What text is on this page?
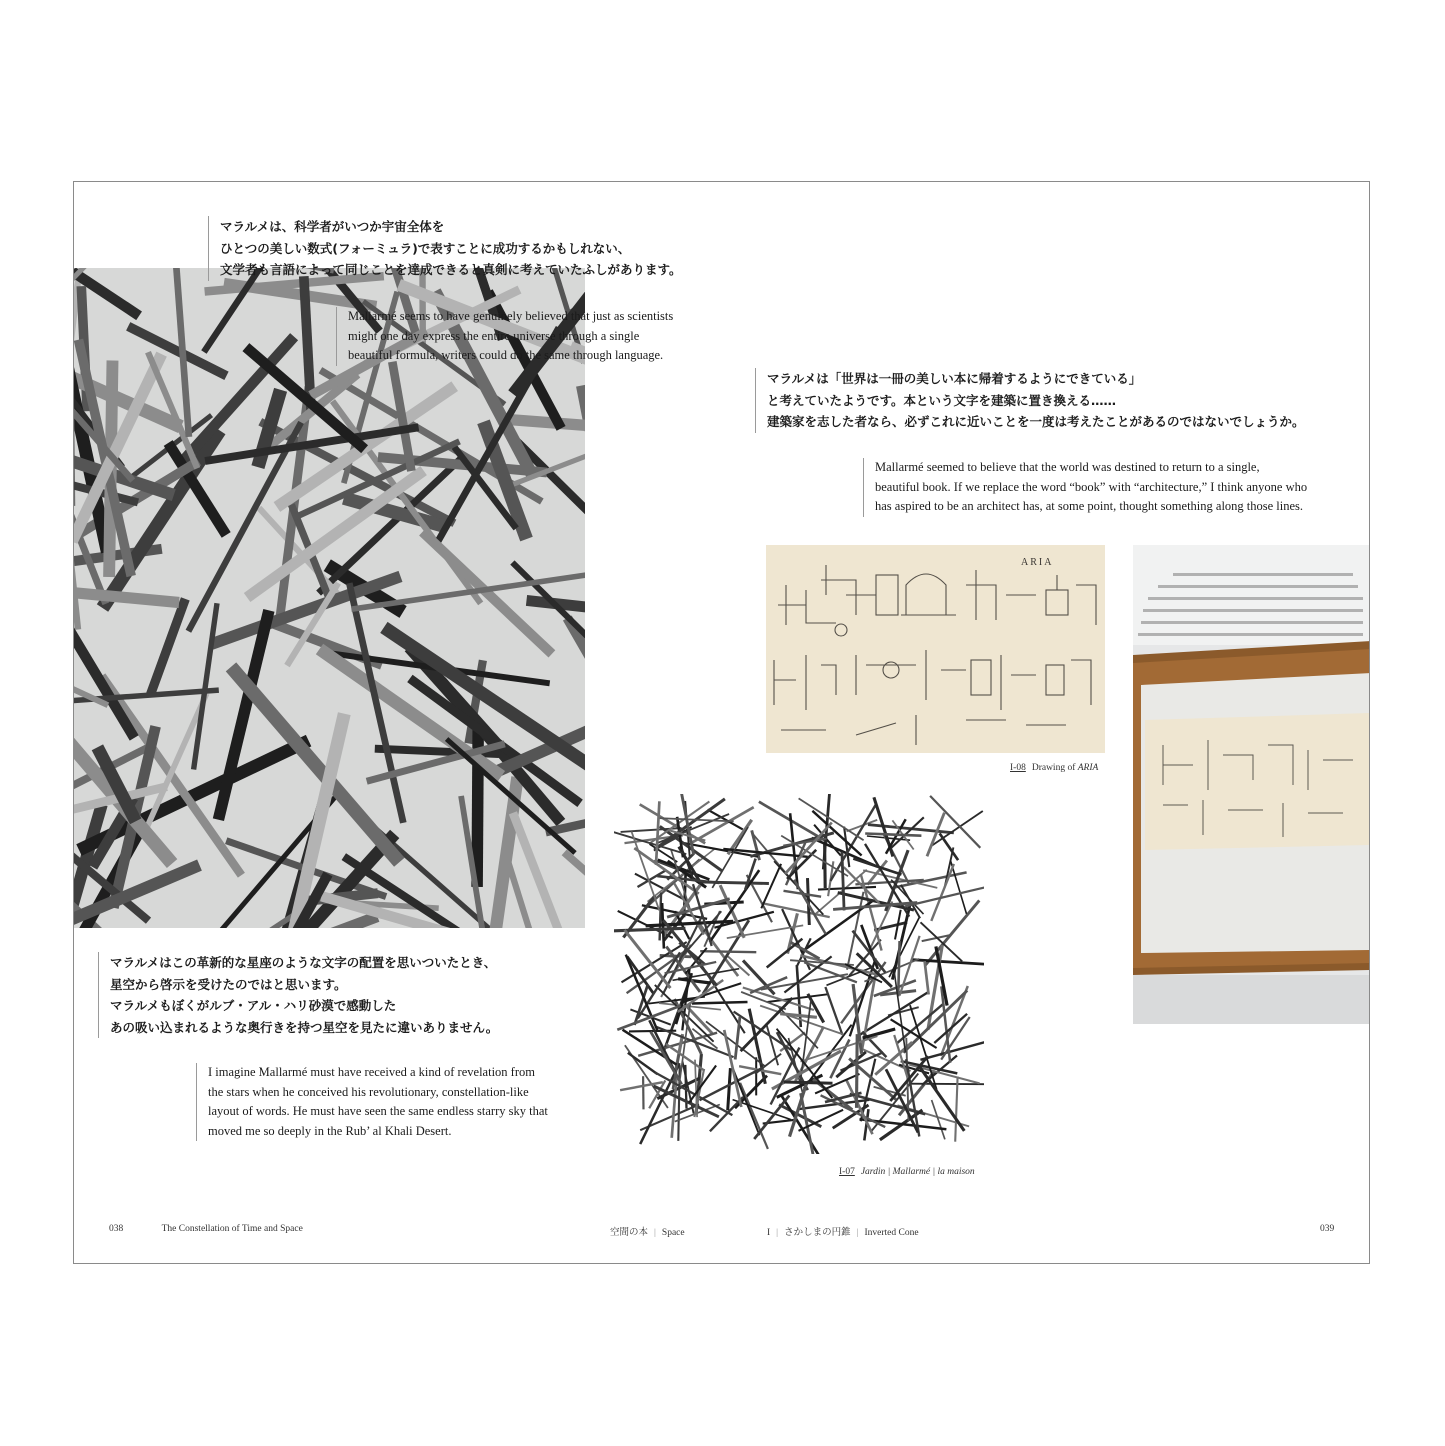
マラルメは、科学者がいつか宇宙全体を
ひとつの美しい数式(フォーミュラ)で表すことに成功するかもしれない、
文学者も言語によって同じことを達成できると真剣に考えていたふしがあります。
Mallarmé seems to have genuinely believed that just as scientists
might one day express the entire universe through a single
beautiful formula, writers could do the same through language.
マラルメは「世界は一冊の美しい本に帰着するようにできている」
と考えていたようです。本という文字を建築に置き換える……
建築家を志した者なら、必ずこれに近いことを一度は考えたことがあるのではないでしょうか。
Mallarmé seemed to believe that the world was destined to return to a single,
beautiful book. If we replace the word “book” with “architecture,” I think anyone who
has aspired to be an architect has, at some point, thought something along those lines.
ARIA
I-08 Drawing of ARIA
I-07 Jardin | Mallarmé | la maison
マラルメはこの革新的な星座のような文字の配置を思いついたとき、
星空から啓示を受けたのではと思います。
マラルメもぼくがルブ・アル・ハリ砂漠で感動した
あの吸い込まれるような奥行きを持つ星空を見たに違いありません。
I imagine Mallarmé must have received a kind of revelation from
the stars when he conceived his revolutionary, constellation-like
layout of words. He must have seen the same endless starry sky that
moved me so deeply in the Rub’ al Khali Desert.
038	The Constellation of Time and Space	空間の本 | Space	I | さかしまの円錐 | Inverted Cone	039
